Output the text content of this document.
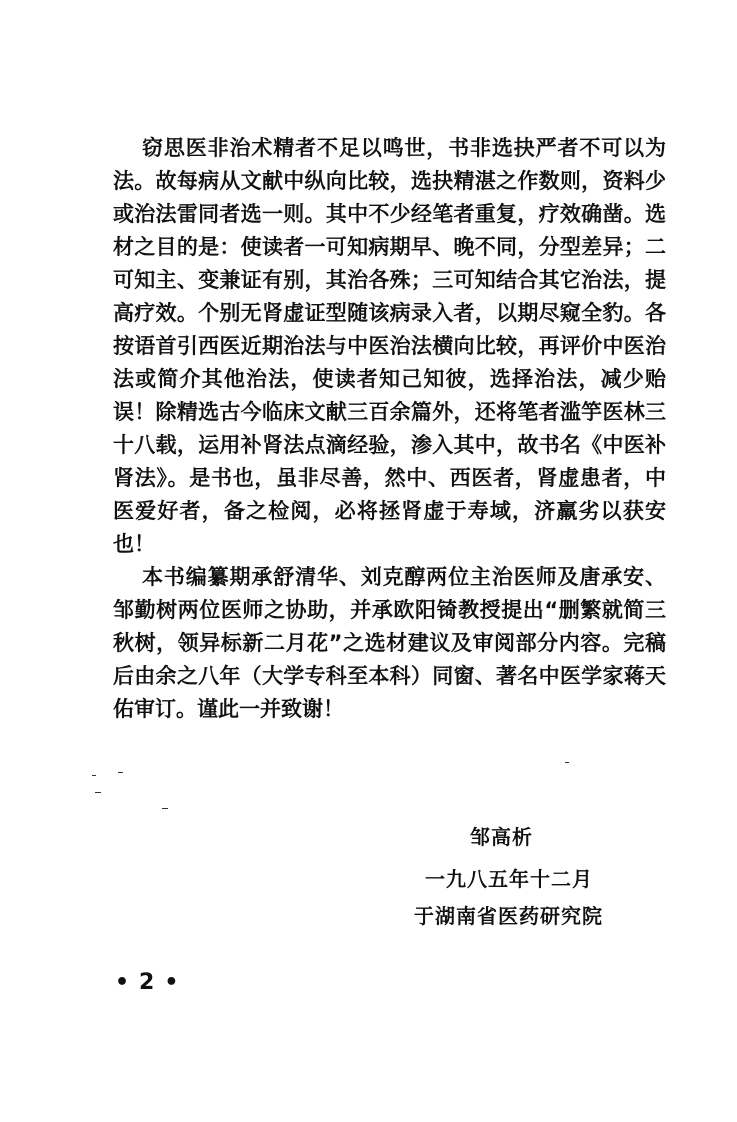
窃思医非治术精者不足以鸣世，书非选抉严者不可以为
法。故每病从文献中纵向比较，选抉精湛之作数则，资料少
或治法雷同者选一则。其中不少经笔者重复，疗效确凿。选
材之目的是：使读者一可知病期早、晚不同，分型差异；二
可知主、变兼证有别，其治各殊；三可知结合其它治法，提
高疗效。个别无肾虚证型随该病录入者，以期尽窥全豹。各
按语首引西医近期治法与中医治法横向比较，再评价中医治
法或简介其他治法，使读者知己知彼，选择治法，减少贻
误！除精选古今临床文献三百余篇外，还将笔者滥竽医林三
十八载，运用补肾法点滴经验，渗入其中，故书名《中医补
肾法》。是书也，虽非尽善，然中、西医者，肾虚患者，中
医爱好者，备之检阅，必将拯肾虚于寿域，济羸劣以获安
也！
本书编纂期承舒清华、刘克醇两位主治医师及唐承安、
邹勤树两位医师之协助，并承欧阳锜教授提出“删繁就简三
秋树，领异标新二月花”之选材建议及审阅部分内容。完稿
后由余之八年（大学专科至本科）同窗、著名中医学家蒋天
佑审订。谨此一并致谢！
邹高析
一九八五年十二月
于湖南省医药研究院
•2•
